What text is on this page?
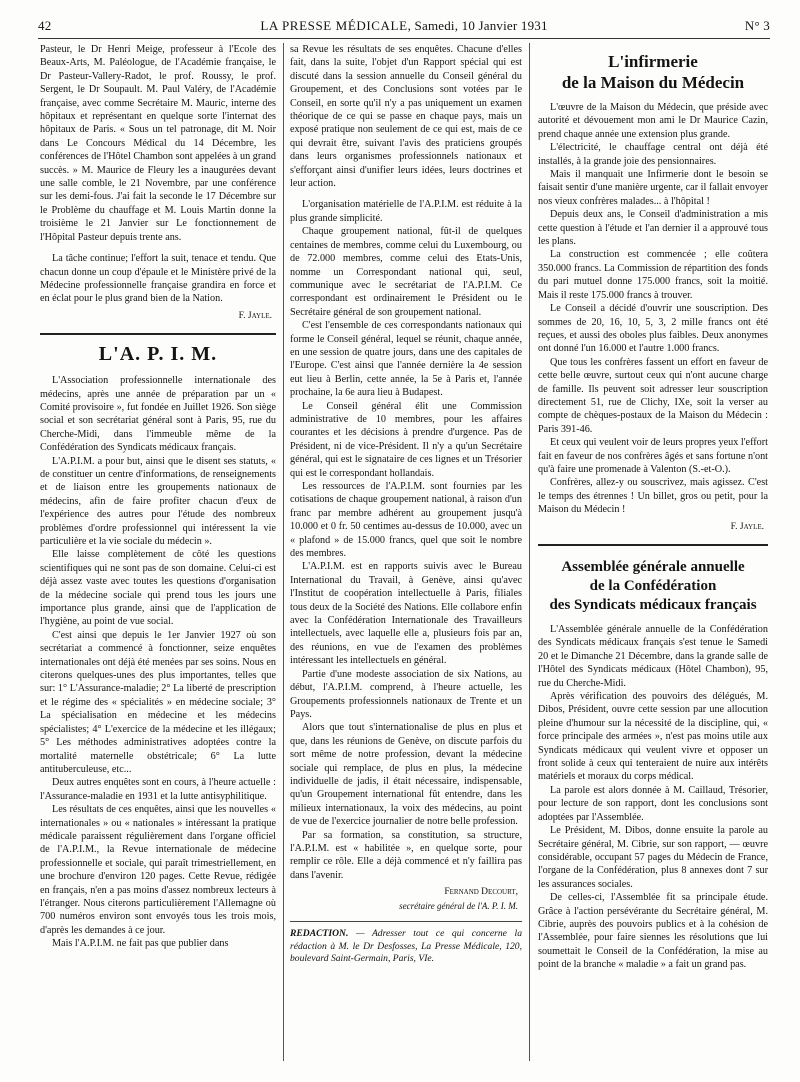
42	LA PRESSE MÉDICALE, Samedi, 10 Janvier 1931	N° 3

Pasteur, le Dr Henri Meige, professeur à l'Ecole des Beaux-Arts, M. Paléologue, de l'Académie française, le Dr Pasteur-Vallery-Radot, le prof. Roussy, le prof. Sergent, le Dr Soupault. M. Paul Valéry, de l'Académie française, avec comme Secrétaire M. Mauric, interne des hôpitaux et représentant en quelque sorte l'internat des hôpitaux de Paris. « Sous un tel patronage, dit M. Noir dans Le Concours Médical du 14 Décembre, les conférences de l'Hôtel Chambon sont appelées à un grand succès. » M. Maurice de Fleury les a inaugurées devant une salle comble, le 21 Novembre, par une conférence sur les demi-fous. J'ai fait la seconde le 17 Décembre sur le Problème du chauffage et M. Louis Martin donne la troisième le 21 Janvier sur Le fonctionnement de l'Hôpital Pasteur depuis trente ans.

La tâche continue; l'effort la suit, tenace et tendu. Que chacun donne un coup d'épaule et le Ministère privé de la Médecine professionnelle française grandira en force et en éclat pour le plus grand bien de la Nation.

F. Jayle.
L'A. P. I. M.

L'Association professionnelle internationale des médecins, après une année de préparation par un « Comité provisoire », fut fondée en Juillet 1926. Son siège social et son secrétariat général sont à Paris, 95, rue du Cherche-Midi, dans l'immeuble même de la Confédération des Syndicats médicaux français.

L'A.P.I.M. a pour but, ainsi que le disent ses statuts, « de constituer un centre d'informations, de renseignements et de liaison entre les groupements nationaux de médecins, afin de faire profiter chacun d'eux de l'expérience des autres pour l'étude des nombreux problèmes d'ordre professionnel qui intéressent la vie particulière et la vie sociale du médecin ».

Elle laisse complètement de côté les questions scientifiques qui ne sont pas de son domaine. Celui-ci est déjà assez vaste avec toutes les questions d'organisation de la médecine sociale qui prend tous les jours une importance plus grande, ainsi que de l'application de l'hygiène, au point de vue social.

C'est ainsi que depuis le 1er Janvier 1927 où son secrétariat a commencé à fonctionner, seize enquêtes internationales ont déjà été menées par ses soins. Nous en citerons quelques-unes des plus importantes, telles que sur: 1° L'Assurance-maladie; 2° La liberté de prescription et le régime des « spécialités » en médecine sociale; 3° La spécialisation en médecine et les médecins spécialistes; 4° L'exercice de la médecine et les illégaux; 5° Les méthodes administratives adoptées contre la mortalité maternelle obstétricale; 6° La lutte antituberculeuse, etc...

Deux autres enquêtes sont en cours, à l'heure actuelle : l'Assurance-maladie en 1931 et la lutte antisyphilitique.

Les résultats de ces enquêtes, ainsi que les nouvelles « internationales » ou « nationales » intéressant la pratique médicale paraissent régulièrement dans l'organe officiel de l'A.P.I.M., la Revue internationale de médecine professionnelle et sociale, qui paraît trimestriellement, en une brochure d'environ 120 pages. Cette Revue, rédigée en français, n'en a pas moins d'assez nombreux lecteurs à l'étranger. Nous citerons particulièrement l'Allemagne où 700 numéros environ sont envoyés tous les trois mois, d'après les demandes à ce jour.

Mais l'A.P.I.M. ne fait pas que publier dans

sa Revue les résultats de ses enquêtes. Chacune d'elles fait, dans la suite, l'objet d'un Rapport spécial qui est discuté dans la session annuelle du Conseil général du Groupement, et des Conclusions sont votées par le Conseil, en sorte qu'il n'y a pas uniquement un examen théorique de ce qui se passe en chaque pays, mais un exposé pratique non seulement de ce qui est, mais de ce qui devrait être, suivant l'avis des praticiens groupés dans leurs organismes professionnels nationaux et s'efforçant ainsi d'unifier leurs idées, leurs doctrines et leur action.

L'organisation matérielle de l'A.P.I.M. est réduite à la plus grande simplicité.

Chaque groupement national, fût-il de quelques centaines de membres, comme celui du Luxembourg, ou de 72.000 membres, comme celui des Etats-Unis, nomme un Correspondant national qui, seul, communique avec le secrétariat de l'A.P.I.M. Ce correspondant est ordinairement le Président ou le Secrétaire général de son groupement national.

C'est l'ensemble de ces correspondants nationaux qui forme le Conseil général, lequel se réunit, chaque année, en une session de quatre jours, dans une des capitales de l'Europe. C'est ainsi que l'année dernière la 4e session eut lieu à Berlin, cette année, la 5e à Paris et, l'année prochaine, la 6e aura lieu à Budapest.

Le Conseil général élit une Commission administrative de 10 membres, pour les affaires courantes et les décisions à prendre d'urgence. Pas de Président, ni de vice-Président. Il n'y a qu'un Secrétaire général, qui est le signataire de ces lignes et un Trésorier qui est le correspondant hollandais.

Les ressources de l'A.P.I.M. sont fournies par les cotisations de chaque groupement national, à raison d'un franc par membre adhérent au groupement jusqu'à 10.000 et 0 fr. 50 centimes au-dessus de 10.000, avec un « plafond » de 15.000 francs, quel que soit le nombre des membres.

L'A.P.I.M. est en rapports suivis avec le Bureau International du Travail, à Genève, ainsi qu'avec l'Institut de coopération intellectuelle à Paris, filiales tous deux de la Société des Nations. Elle collabore enfin avec la Confédération Internationale des Travailleurs intellectuels, avec laquelle elle a, plusieurs fois par an, des réunions, en vue de l'examen des problèmes intéressant les intellectuels en général.

Partie d'une modeste association de six Nations, au début, l'A.P.I.M. comprend, à l'heure actuelle, les Groupements professionnels nationaux de Trente et un Pays.

Alors que tout s'internationalise de plus en plus et que, dans les réunions de Genève, on discute parfois du sort même de notre profession, devant la médecine sociale qui remplace, de plus en plus, la médecine individuelle de jadis, il était nécessaire, indispensable, qu'un Groupement international fût entendre, dans les milieux internationaux, la voix des médecins, au point de vue de l'exercice journalier de notre belle profession.

Par sa formation, sa constitution, sa structure, l'A.P.I.M. est « habilitée », en quelque sorte, pour remplir ce rôle. Elle a déjà commencé et n'y faillira pas dans l'avenir.

Fernand Decourt,
secrétaire général de l'A. P. I. M.
REDACTION. — Adresser tout ce qui concerne la rédaction à M. le Dr Desfosses, La Presse Médicale, 120, boulevard Saint-Germain, Paris, VIe.
L'infirmerie
de la Maison du Médecin

L'œuvre de la Maison du Médecin, que préside avec autorité et dévouement mon ami le Dr Maurice Cazin, prend chaque année une extension plus grande.

L'électricité, le chauffage central ont déjà été installés, à la grande joie des pensionnaires.

Mais il manquait une Infirmerie dont le besoin se faisait sentir d'une manière urgente, car il fallait envoyer nos vieux confrères malades... à l'hôpital !

Depuis deux ans, le Conseil d'administration a mis cette question à l'étude et l'an dernier il a approuvé tous les plans.

La construction est commencée ; elle coûtera 350.000 francs. La Commission de répartition des fonds du pari mutuel donne 175.000 francs, soit la moitié. Mais il reste 175.000 francs à trouver.

Le Conseil a décidé d'ouvrir une souscription. Des sommes de 20, 16, 10, 5, 3, 2 mille francs ont été reçues, et aussi des oboles plus faibles. Deux anonymes ont donné l'un 16.000 et l'autre 1.000 francs.

Que tous les confrères fassent un effort en faveur de cette belle œuvre, surtout ceux qui n'ont aucune charge de famille. Ils peuvent soit adresser leur souscription directement 51, rue de Clichy, IXe, soit la verser au compte de chèques-postaux de la Maison du Médecin : Paris 391-46.

Et ceux qui veulent voir de leurs propres yeux l'effort fait en faveur de nos confrères âgés et sans fortune n'ont qu'à faire une promenade à Valenton (S.-et-O.).

Confrères, allez-y ou souscrivez, mais agissez. C'est le temps des étrennes ! Un billet, gros ou petit, pour la Maison du Médecin !

F. Jayle.
Assemblée générale annuelle
de la Confédération
des Syndicats médicaux français

L'Assemblée générale annuelle de la Confédération des Syndicats médicaux français s'est tenue le Samedi 20 et le Dimanche 21 Décembre, dans la grande salle de l'Hôtel des Syndicats médicaux (Hôtel Chambon), 95, rue du Cherche-Midi.

Après vérification des pouvoirs des délégués, M. Dibos, Président, ouvre cette session par une allocution pleine d'humour sur la nécessité de la discipline, qui, « force principale des armées », n'est pas moins utile aux Syndicats médicaux qui veulent vivre et opposer un front solide à ceux qui tenteraient de nuire aux intérêts matériels et moraux du corps médical.

La parole est alors donnée à M. Caillaud, Trésorier, pour lecture de son rapport, dont les conclusions sont adoptées par l'Assemblée.

Le Président, M. Dibos, donne ensuite la parole au Secrétaire général, M. Cibrie, sur son rapport, — œuvre considérable, occupant 57 pages du Médecin de France, l'organe de la Confédération, plus 8 annexes dont 7 sur les assurances sociales.

De celles-ci, l'Assemblée fit sa principale étude. Grâce à l'action persévérante du Secrétaire général, M. Cibrie, auprès des pouvoirs publics et à la cohésion de l'Assemblée, pour faire siennes les résolutions que lui soumettait le Conseil de la Confédération, la mise au point de la branche « maladie » a fait un grand pas.
